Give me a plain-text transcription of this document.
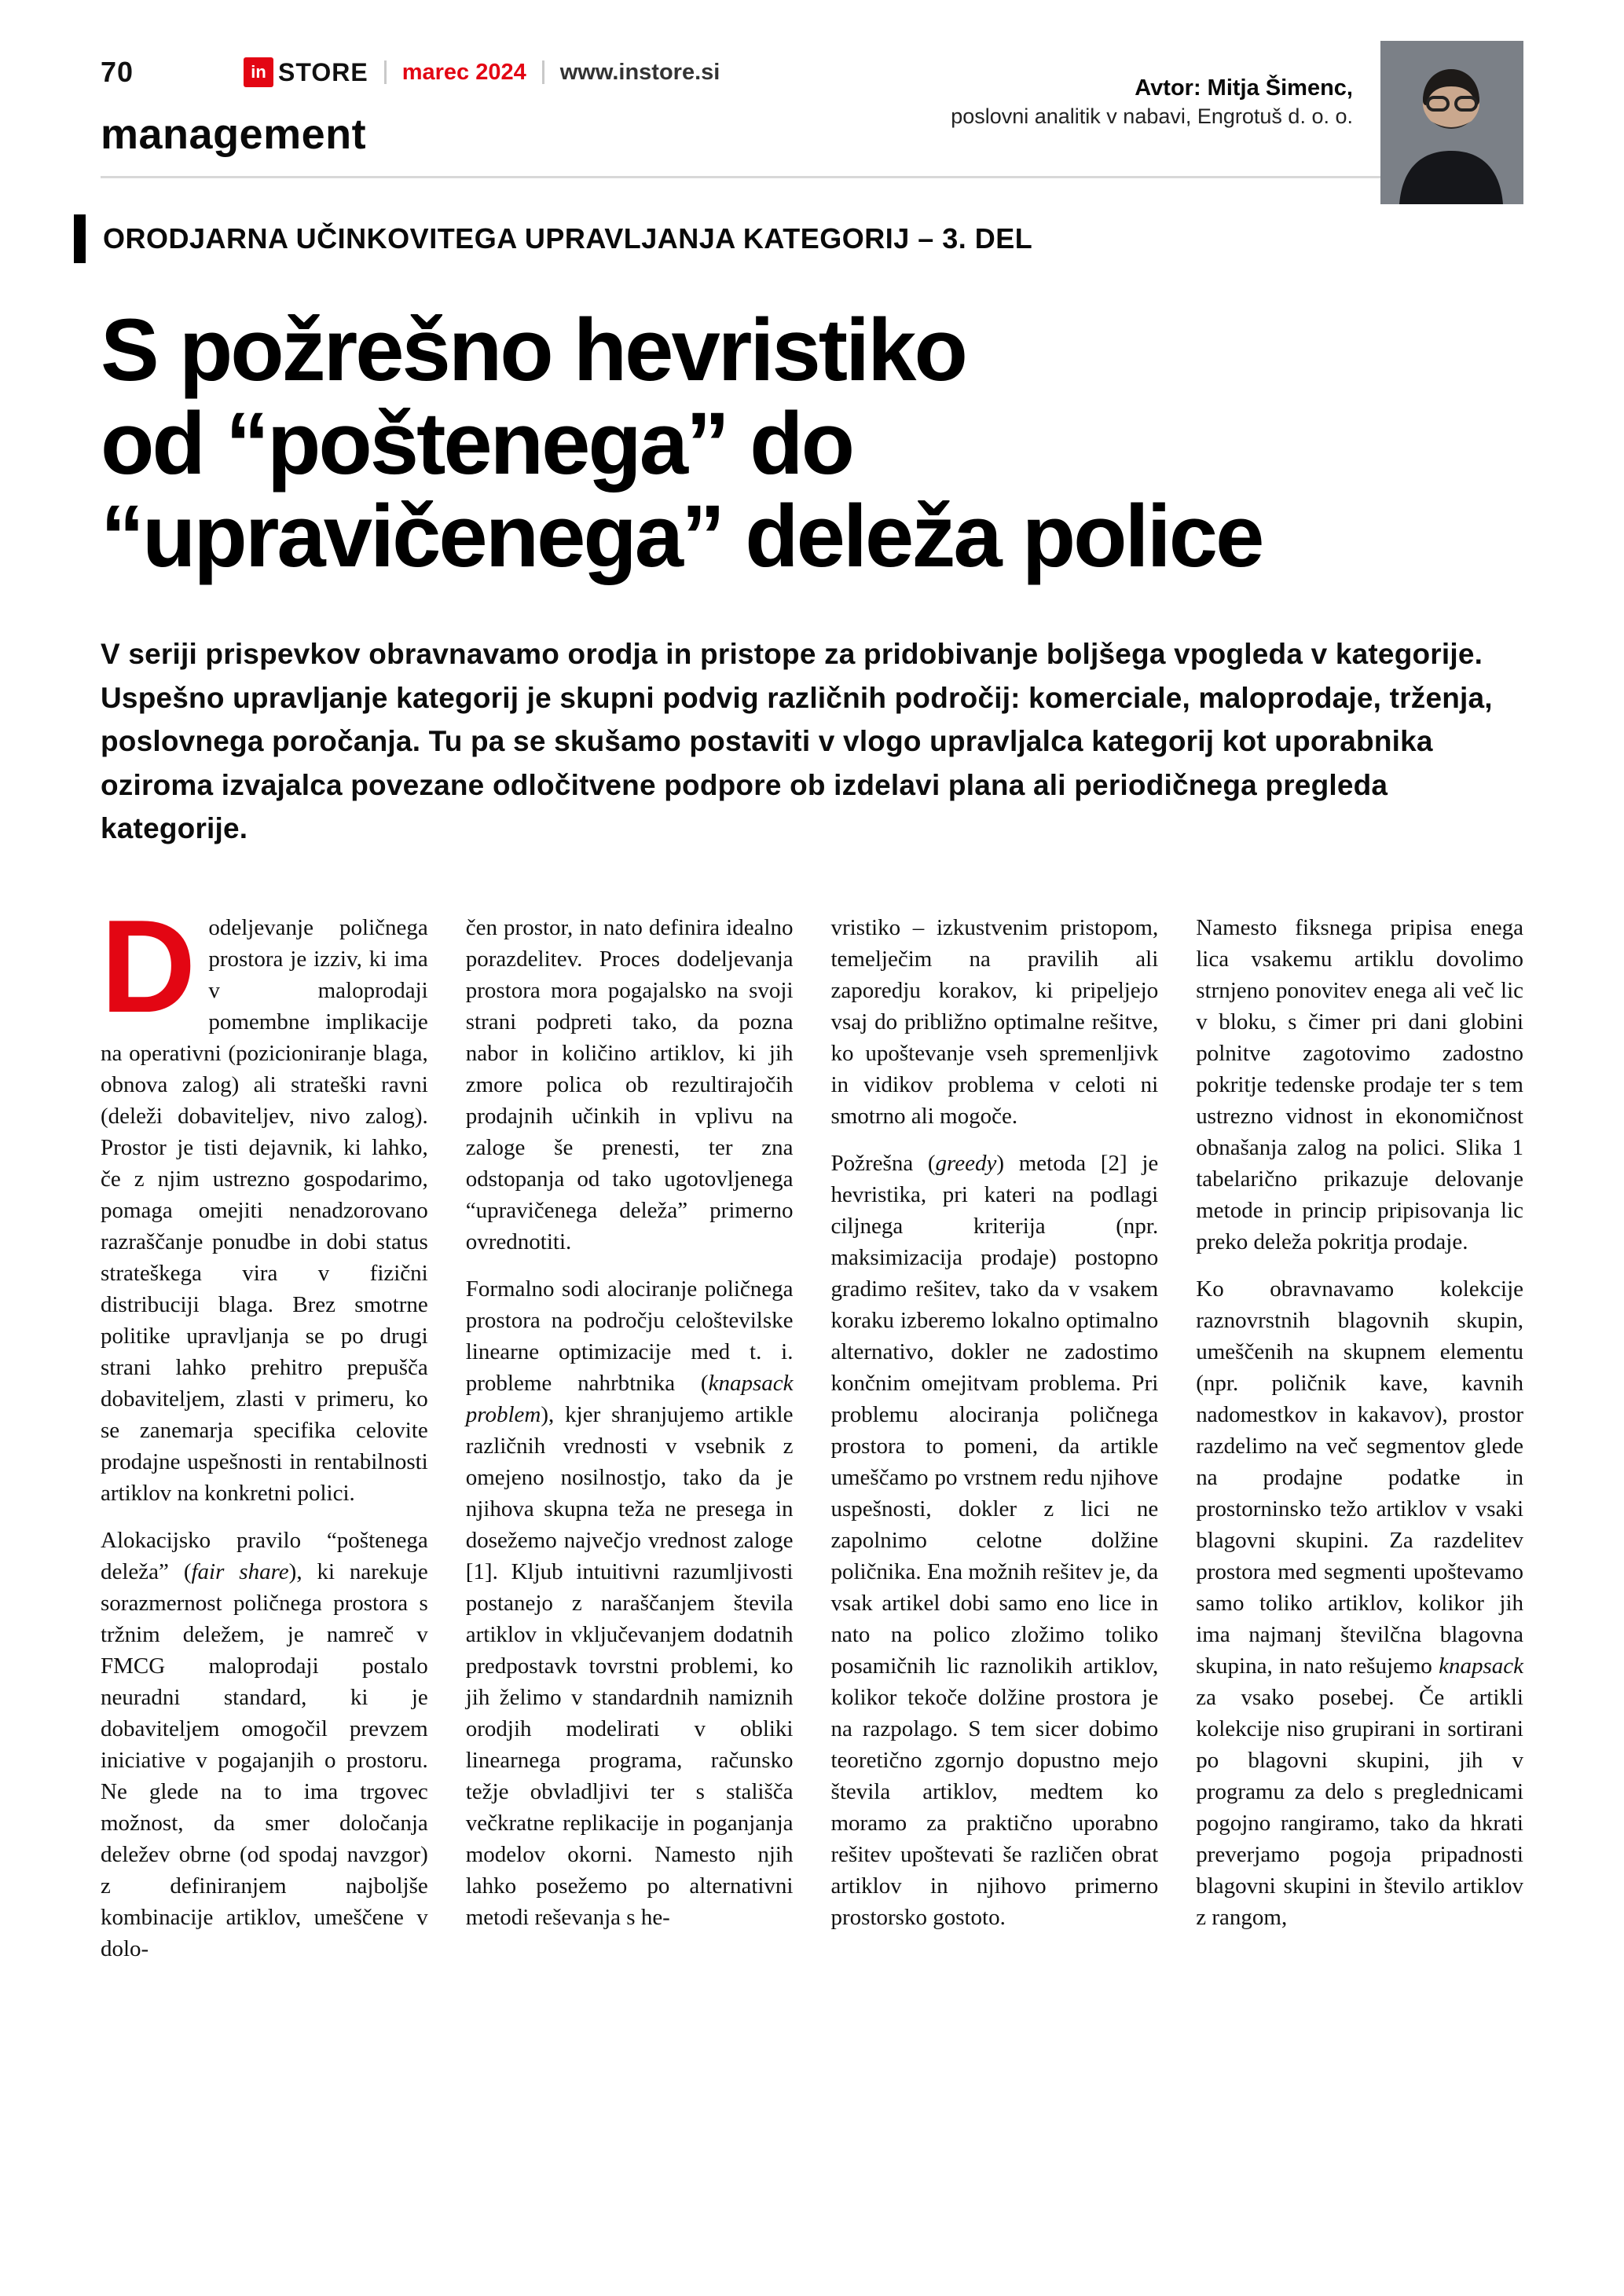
70	in STORE marec 2024 www.instore.si
management
Avtor: Mitja Šimenc,
poslovni analitik v nabavi, Engrotuš d. o. o.
ORODJARNA UČINKOVITEGA UPRAVLJANJA KATEGORIJ – 3. DEL
S požrešno hevristiko
od “poštenega” do
“upravičenega” deleža police

V seriji prispevkov obravnavamo orodja in pristope za pridobivanje boljšega vpogleda v kategorije. Uspešno upravljanje kategorij je skupni podvig različnih področij: komerciale, maloprodaje, trženja, poslovnega poročanja. Tu pa se skušamo postaviti v vlogo upravljalca kategorij kot uporabnika oziroma izvajalca povezane odločitvene podpore ob izdelavi plana ali periodičnega pregleda kategorije.

Dodeljevanje poličnega prostora je izziv, ki ima v maloprodaji pomembne implikacije na operativni (pozicioniranje blaga, obnova zalog) ali strateški ravni (deleži dobaviteljev, nivo zalog). Prostor je tisti dejavnik, ki lahko, če z njim ustrezno gospodarimo, pomaga omejiti nenadzorovano razraščanje ponudbe in dobi status strateškega vira v fizični distribuciji blaga. Brez smotrne politike upravljanja se po drugi strani lahko prehitro prepušča dobaviteljem, zlasti v primeru, ko se zanemarja specifika celovite prodajne uspešnosti in rentabilnosti artiklov na konkretni polici.

Alokacijsko pravilo “poštenega deleža” (fair share), ki narekuje sorazmernost poličnega prostora s tržnim deležem, je namreč v FMCG maloprodaji postalo neuradni standard, ki je dobaviteljem omogočil prevzem iniciative v pogajanjih o prostoru. Ne glede na to ima trgovec možnost, da smer določanja deležev obrne (od spodaj navzgor) z definiranjem najboljše kombinacije artiklov, umeščene v dolo-

čen prostor, in nato definira idealno porazdelitev. Proces dodeljevanja prostora mora pogajalsko na svoji strani podpreti tako, da pozna nabor in količino artiklov, ki jih zmore polica ob rezultirajočih prodajnih učinkih in vplivu na zaloge še prenesti, ter zna odstopanja od tako ugotovljenega “upravičenega deleža” primerno ovrednotiti.

Formalno sodi alociranje poličnega prostora na področju celoštevilske linearne optimizacije med t. i. probleme nahrbtnika (knapsack problem), kjer shranjujemo artikle različnih vrednosti v vsebnik z omejeno nosilnostjo, tako da je njihova skupna teža ne presega in dosežemo največjo vrednost zaloge [1]. Kljub intuitivni razumljivosti postanejo z naraščanjem števila artiklov in vključevanjem dodatnih predpostavk tovrstni problemi, ko jih želimo v standardnih namiznih orodjih modelirati v obliki linearnega programa, računsko težje obvladljivi ter s stališča večkratne replikacije in poganjanja modelov okorni. Namesto njih lahko posežemo po alternativni metodi reševanja s he-

vristiko – izkustvenim pristopom, temelječim na pravilih ali zaporedju korakov, ki pripeljejo vsaj do približno optimalne rešitve, ko upoštevanje vseh spremenljivk in vidikov problema v celoti ni smotrno ali mogoče.

Požrešna (greedy) metoda [2] je hevristika, pri kateri na podlagi ciljnega kriterija (npr. maksimizacija prodaje) postopno gradimo rešitev, tako da v vsakem koraku izberemo lokalno optimalno alternativo, dokler ne zadostimo končnim omejitvam problema. Pri problemu alociranja poličnega prostora to pomeni, da artikle umeščamo po vrstnem redu njihove uspešnosti, dokler z lici ne zapolnimo celotne dolžine poličnika. Ena možnih rešitev je, da vsak artikel dobi samo eno lice in nato na polico zložimo toliko posamičnih lic raznolikih artiklov, kolikor tekoče dolžine prostora je na razpolago. S tem sicer dobimo teoretično zgornjo dopustno mejo števila artiklov, medtem ko moramo za praktično uporabno rešitev upoštevati še različen obrat artiklov in njihovo primerno prostorsko gostoto.

Namesto fiksnega pripisa enega lica vsakemu artiklu dovolimo strnjeno ponovitev enega ali več lic v bloku, s čimer pri dani globini polnitve zagotovimo zadostno pokritje tedenske prodaje ter s tem ustrezno vidnost in ekonomičnost obnašanja zalog na polici. Slika 1 tabelarično prikazuje delovanje metode in princip pripisovanja lic preko deleža pokritja prodaje.

Ko obravnavamo kolekcije raznovrstnih blagovnih skupin, umeščenih na skupnem elementu (npr. poličnik kave, kavnih nadomestkov in kakavov), prostor razdelimo na več segmentov glede na prodajne podatke in prostorninsko težo artiklov v vsaki blagovni skupini. Za razdelitev prostora med segmenti upoštevamo samo toliko artiklov, kolikor jih ima najmanj številčna blagovna skupina, in nato rešujemo knapsack za vsako posebej. Če artikli kolekcije niso grupirani in sortirani po blagovni skupini, jih v programu za delo s preglednicami pogojno rangiramo, tako da hkrati preverjamo pogoja pripadnosti blagovni skupini in število artiklov z rangom,
